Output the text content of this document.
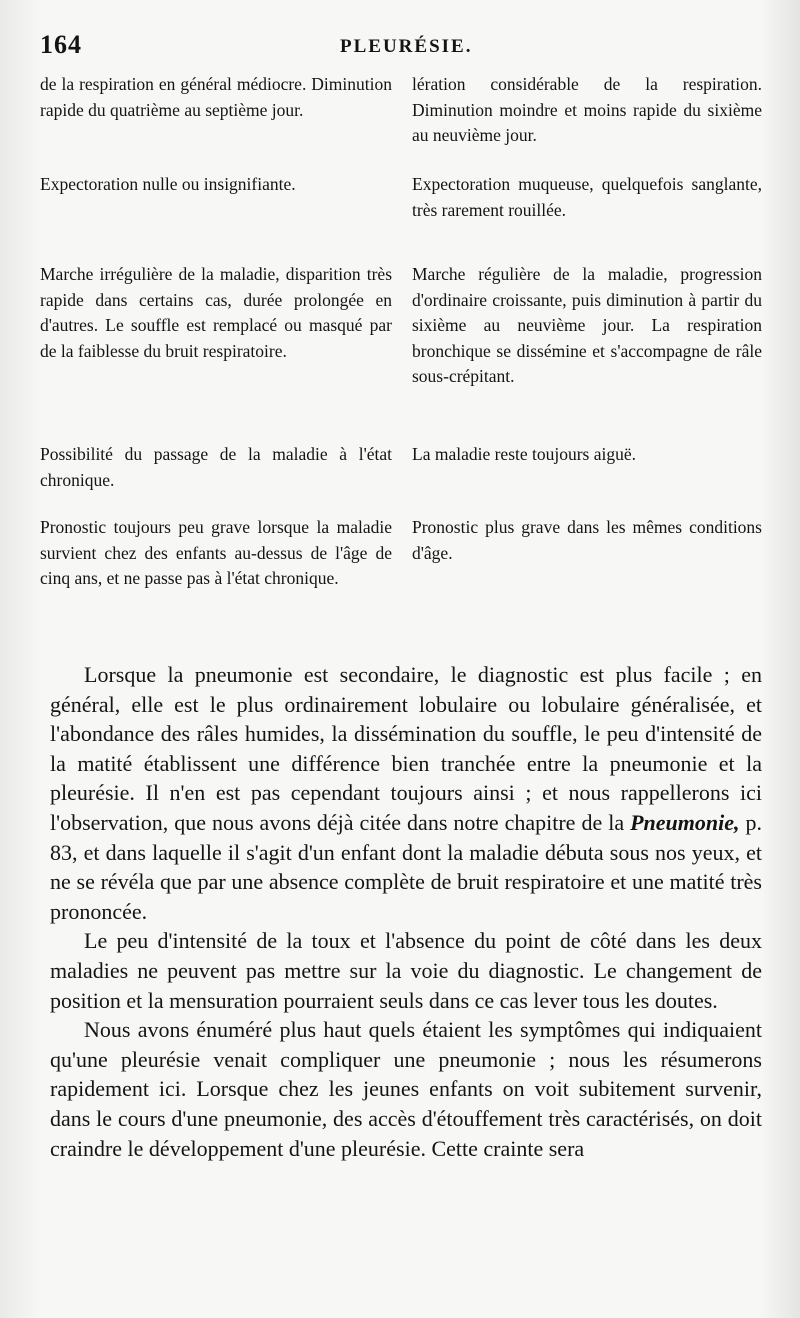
164	PLEURÉSIE.

de la respiration en général médiocre. Diminution rapide du quatrième au septième jour.

Expectoration nulle ou insignifiante.

Marche irrégulière de la maladie, disparition très rapide dans certains cas, durée prolongée en d'autres. Le souffle est remplacé ou masqué par de la faiblesse du bruit respiratoire.

Possibilité du passage de la maladie à l'état chronique.

Pronostic toujours peu grave lorsque la maladie survient chez des enfants au-dessus de l'âge de cinq ans, et ne passe pas à l'état chronique.

lération considérable de la respiration. Diminution moindre et moins rapide du sixième au neuvième jour.

Expectoration muqueuse, quelquefois sanglante, très rarement rouillée.

Marche régulière de la maladie, progression d'ordinaire croissante, puis diminution à partir du sixième au neuvième jour. La respiration bronchique se dissémine et s'accompagne de râle sous-crépitant.

La maladie reste toujours aiguë.

Pronostic plus grave dans les mêmes conditions d'âge.

Lorsque la pneumonie est secondaire, le diagnostic est plus facile ; en général, elle est le plus ordinairement lobulaire ou lobulaire généralisée, et l'abondance des râles humides, la dissémination du souffle, le peu d'intensité de la matité établissent une différence bien tranchée entre la pneumonie et la pleurésie. Il n'en est pas cependant toujours ainsi ; et nous rappellerons ici l'observation, que nous avons déjà citée dans notre chapitre de la Pneumonie, p. 83, et dans laquelle il s'agit d'un enfant dont la maladie débuta sous nos yeux, et ne se révéla que par une absence complète de bruit respiratoire et une matité très prononcée.

Le peu d'intensité de la toux et l'absence du point de côté dans les deux maladies ne peuvent pas mettre sur la voie du diagnostic. Le changement de position et la mensuration pourraient seuls dans ce cas lever tous les doutes.

Nous avons énuméré plus haut quels étaient les symptômes qui indiquaient qu'une pleurésie venait compliquer une pneumonie ; nous les résumerons rapidement ici. Lorsque chez les jeunes enfants on voit subitement survenir, dans le cours d'une pneumonie, des accès d'étouffement très caractérisés, on doit craindre le développement d'une pleurésie. Cette crainte sera
